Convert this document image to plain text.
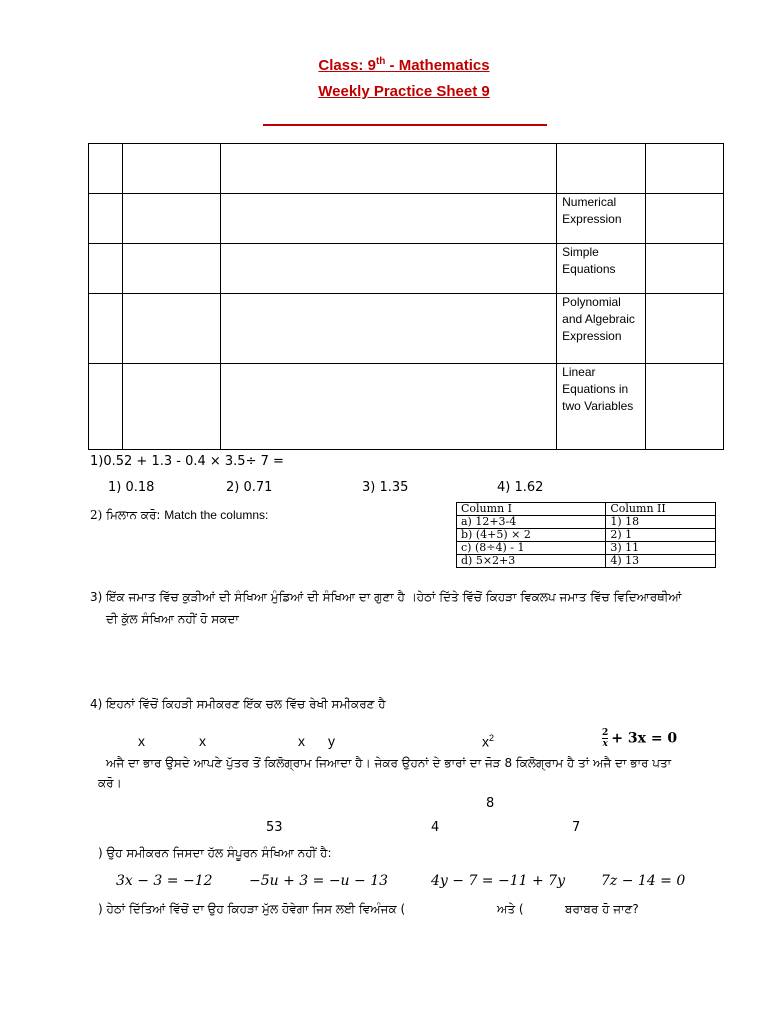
Class: 9th - Mathematics
Weekly Practice Sheet 9

			Numerical Expression	
			Simple Equations	
			Polynomial and Algebraic Expression	
			Linear Equations in two Variables	
1)0.52 + 1.3 - 0.4 × 3.5÷ 7 =
1) 0.18	2) 0.71	3) 1.35	4) 1.62
2) ਮਿਲਾਨ ਕਰੋ: Match the columns:	Column I	Column II
a) 12+3-4	1) 18
b) (4+5) × 2	2) 1
c) (8÷4) - 1	3) 11
d) 5×2+3	4) 13
3) ਇੱਕ ਜਮਾਤ ਵਿੱਚ ਕੁੜੀਆਂ ਦੀ ਸੰਖਿਆ ਮੁੰਡਿਆਂ ਦੀ ਸੰਖਿਆ ਦਾ ਗੁਣਾ ਹੈ ।ਹੇਠਾਂ ਦਿੱਤੇ ਵਿੱਚੋਂ ਕਿਹੜਾ ਵਿਕਲਪ ਜਮਾਤ ਵਿੱਚ ਵਿਦਿਆਰਥੀਆਂ
ਦੀ ਕੁੱਲ ਸੰਖਿਆ ਨਹੀਂ ਹੋ ਸਕਦਾ
4) ਇਹਨਾਂ ਵਿੱਚੋਂ ਕਿਹੜੀ ਸਮੀਕਰਣ ਇੱਕ ਚਲ ਵਿੱਚ ਰੇਖੀ ਸਮੀਕਰਣ ਹੈ
x	x	x y	$x^2$	$\frac{2}{x} + 3x = 0$
ਅਜੈ ਦਾ ਭਾਰ ਉਸਦੇ ਆਪਣੇ ਪੁੱਤਰ ਤੋਂ ਕਿਲੋਗ੍ਰਾਮ ਜਿਆਦਾ ਹੈ। ਜੇਕਰ ਉਹਨਾਂ ਦੇ ਭਾਰਾਂ ਦਾ ਜੋੜ 8 ਕਿਲੋਗ੍ਰਾਮ ਹੈ ਤਾਂ ਅਜੈ ਦਾ ਭਾਰ ਪਤਾ
ਕਰੋ।
8
53	4	7
) ਉਹ ਸਮੀਕਰਨ ਜਿਸਦਾ ਹੱਲ ਸੰਪੂਰਨ ਸੰਖਿਆ ਨਹੀਂ ਹੈ:
3x − 3 = −12	−5u + 3 = −u − 13	4y − 7 = −11 + 7y	7z − 14 = 0
) ਹੇਠਾਂ ਦਿੱਤਿਆਂ ਵਿੱਚੋਂ ਦਾ ਉਹ ਕਿਹੜਾ ਮੁੱਲ ਹੋਵੇਗਾ ਜਿਸ ਲਈ ਵਿਅੰਜਕ (	ਅਤੇ (	ਬਰਾਬਰ ਹੋ ਜਾਣ?
